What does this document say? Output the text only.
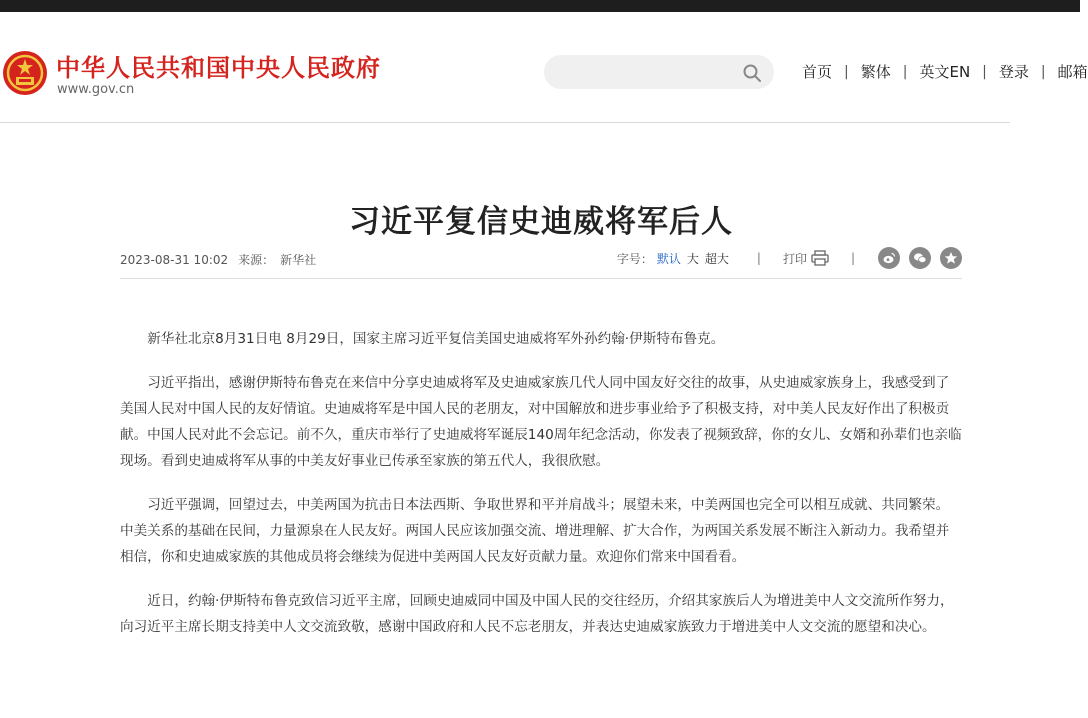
中华人民共和国中央人民政府
www.gov.cn
首页 | 繁体 | 英文EN | 登录 | 邮箱
习近平复信史迪威将军后人
2023-08-31 10:02 来源： 新华社	字号： 默认 大 超大 | 打印	|

新华社北京8月31日电 8月29日，国家主席习近平复信美国史迪威将军外孙约翰·伊斯特布鲁克。

习近平指出，感谢伊斯特布鲁克在来信中分享史迪威将军及史迪威家族几代人同中国友好交往的故事，从史迪威家族身上，我感受到了美国人民对中国人民的友好情谊。史迪威将军是中国人民的老朋友，对中国解放和进步事业给予了积极支持，对中美人民友好作出了积极贡献。中国人民对此不会忘记。前不久，重庆市举行了史迪威将军诞辰140周年纪念活动，你发表了视频致辞，你的女儿、女婿和孙辈们也亲临现场。看到史迪威将军从事的中美友好事业已传承至家族的第五代人，我很欣慰。

习近平强调，回望过去，中美两国为抗击日本法西斯、争取世界和平并肩战斗；展望未来，中美两国也完全可以相互成就、共同繁荣。中美关系的基础在民间，力量源泉在人民友好。两国人民应该加强交流、增进理解、扩大合作，为两国关系发展不断注入新动力。我希望并相信，你和史迪威家族的其他成员将会继续为促进中美两国人民友好贡献力量。欢迎你们常来中国看看。

近日，约翰·伊斯特布鲁克致信习近平主席，回顾史迪威同中国及中国人民的交往经历，介绍其家族后人为增进美中人文交流所作努力，向习近平主席长期支持美中人文交流致敬，感谢中国政府和人民不忘老朋友，并表达史迪威家族致力于增进美中人文交流的愿望和决心。
